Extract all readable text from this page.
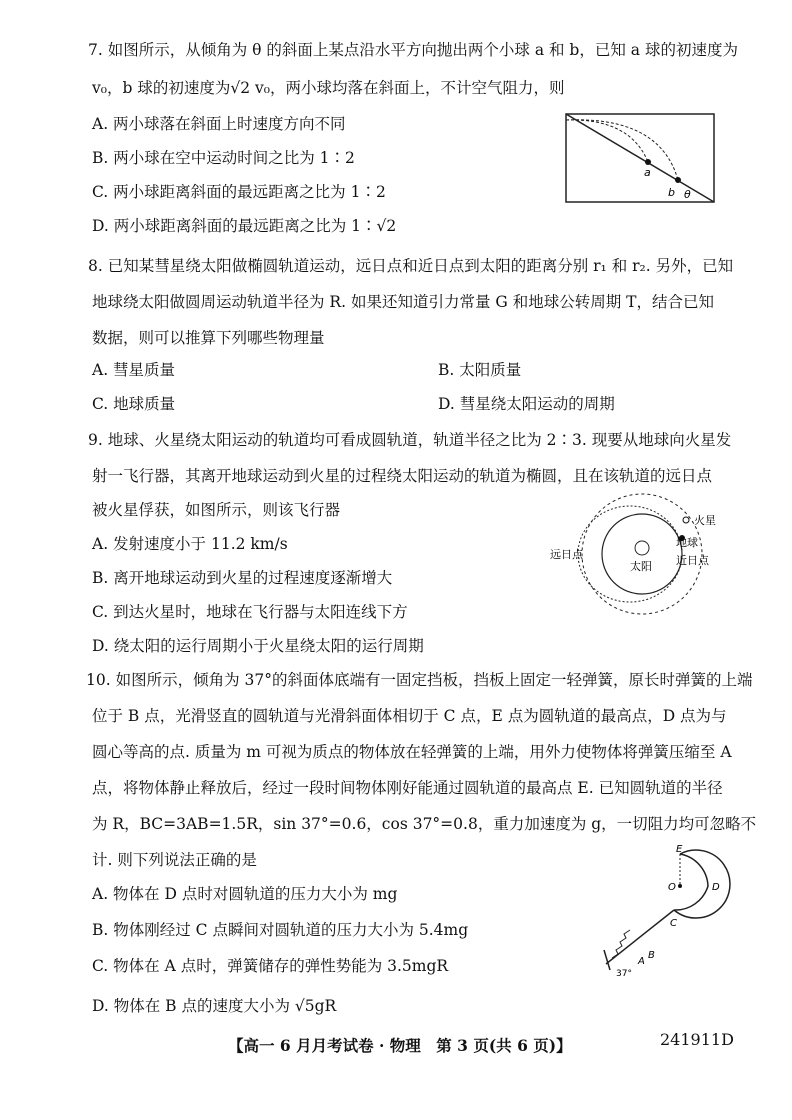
7. 如图所示，从倾角为 θ 的斜面上某点沿水平方向抛出两个小球 a 和 b，已知 a 球的初速度为
v₀，b 球的初速度为√2 v₀，两小球均落在斜面上，不计空气阻力，则
A. 两小球落在斜面上时速度方向不同
B. 两小球在空中运动时间之比为 1∶2
C. 两小球距离斜面的最远距离之比为 1∶2
D. 两小球距离斜面的最远距离之比为 1∶√2
a
b θ
8. 已知某彗星绕太阳做椭圆轨道运动，远日点和近日点到太阳的距离分别 r₁ 和 r₂. 另外，已知
地球绕太阳做圆周运动轨道半径为 R. 如果还知道引力常量 G 和地球公转周期 T，结合已知
数据，则可以推算下列哪些物理量
A. 彗星质量	B. 太阳质量
C. 地球质量	D. 彗星绕太阳运动的周期
9. 地球、火星绕太阳运动的轨道均可看成圆轨道，轨道半径之比为 2∶3. 现要从地球向火星发
射一飞行器，其离开地球运动到火星的过程绕太阳运动的轨道为椭圆，且在该轨道的远日点
被火星俘获，如图所示，则该飞行器
A. 发射速度小于 11.2 km/s
B. 离开地球运动到火星的过程速度逐渐增大
C. 到达火星时，地球在飞行器与太阳连线下方
D. 绕太阳的运行周期小于火星绕太阳的运行周期
火星
地球
远日点	近日点
太阳
10. 如图所示，倾角为 37°的斜面体底端有一固定挡板，挡板上固定一轻弹簧，原长时弹簧的上端
位于 B 点，光滑竖直的圆轨道与光滑斜面体相切于 C 点，E 点为圆轨道的最高点，D 点为与
圆心等高的点. 质量为 m 可视为质点的物体放在轻弹簧的上端，用外力使物体将弹簧压缩至 A
点，将物体静止释放后，经过一段时间物体刚好能通过圆轨道的最高点 E. 已知圆轨道的半径
为 R，BC=3AB=1.5R，sin 37°=0.6，cos 37°=0.8，重力加速度为 g，一切阻力均可忽略不
计. 则下列说法正确的是
A. 物体在 D 点时对圆轨道的压力大小为 mg
B. 物体刚经过 C 点瞬间对圆轨道的压力大小为 5.4mg
C. 物体在 A 点时，弹簧储存的弹性势能为 3.5mgR
D. 物体在 B 点的速度大小为 √5gR
E
O	D
C
B
A
37°
【高一 6 月月考试卷 · 物理　第 3 页(共 6 页)】	241911D
